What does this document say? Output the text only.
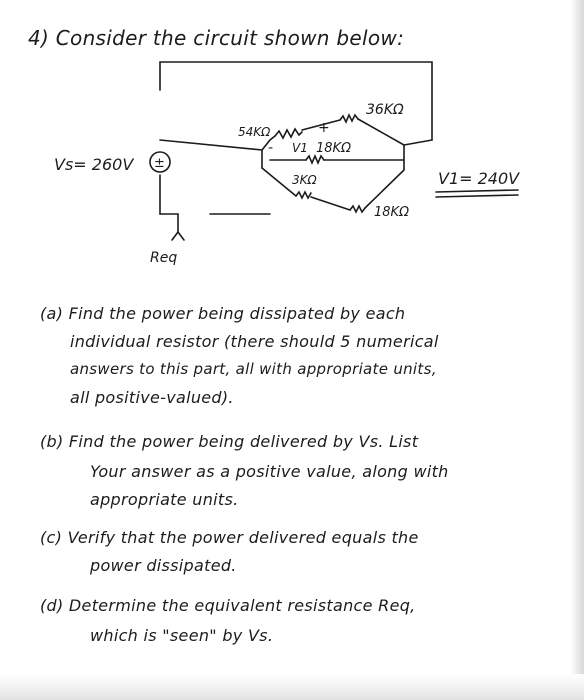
4) Consider the circuit shown below:
Vs= 260V ±
54KΩ	+
- V1 18KΩ
36KΩ
3KΩ
18KΩ
V1= 240V
Req
(a) Find the power being dissipated by each
individual resistor (there should 5 numerical
answers to this part, all with appropriate units,
all positive-valued).
(b) Find the power being delivered by Vs. List
Your answer as a positive value, along with
appropriate units.
(c) Verify that the power delivered equals the
power dissipated.
(d) Determine the equivalent resistance Req,
which is "seen" by Vs.
